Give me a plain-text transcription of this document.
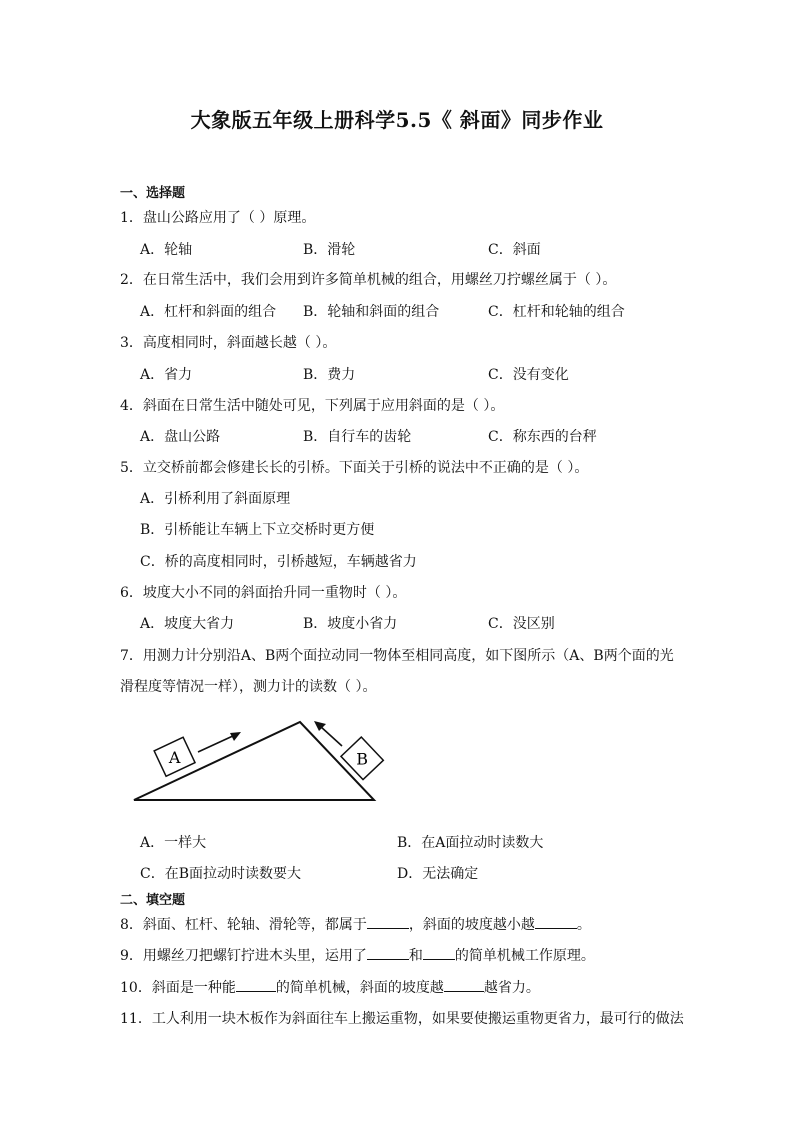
大象版五年级上册科学5.5《 斜面》同步作业
一、选择题
1．盘山公路应用了（ ）原理。
A．轮轴	B．滑轮	C．斜面
2．在日常生活中，我们会用到许多简单机械的组合，用螺丝刀拧螺丝属于（ ）。
A．杠杆和斜面的组合 B．轮轴和斜面的组合	C．杠杆和轮轴的组合
3．高度相同时，斜面越长越（ ）。
A．省力	B．费力	C．没有变化
4．斜面在日常生活中随处可见，下列属于应用斜面的是（ ）。
A．盘山公路	B．自行车的齿轮	C．称东西的台秤
5．立交桥前都会修建长长的引桥。下面关于引桥的说法中不正确的是（ ）。
A．引桥利用了斜面原理
B．引桥能让车辆上下立交桥时更方便
C．桥的高度相同时，引桥越短，车辆越省力
6．坡度大小不同的斜面抬升同一重物时（ ）。
A．坡度大省力	B．坡度小省力	C．没区别
7．用测力计分别沿A、B两个面拉动同一物体至相同高度，如下图所示（A、B两个面的光
滑程度等情况一样），测力计的读数（ ）。
A	B
A．一样大	B．在A面拉动时读数大
C．在B面拉动时读数要大	D．无法确定
二、填空题
8．斜面、杠杆、轮轴、滑轮等，都属于	，斜面的坡度越小越	。
9．用螺丝刀把螺钉拧进木头里，运用了	和 的简单机械工作原理。
10．斜面是一种能	的简单机械，斜面的坡度越	越省力。
11．工人利用一块木板作为斜面往车上搬运重物，如果要使搬运重物更省力，最可行的做法
